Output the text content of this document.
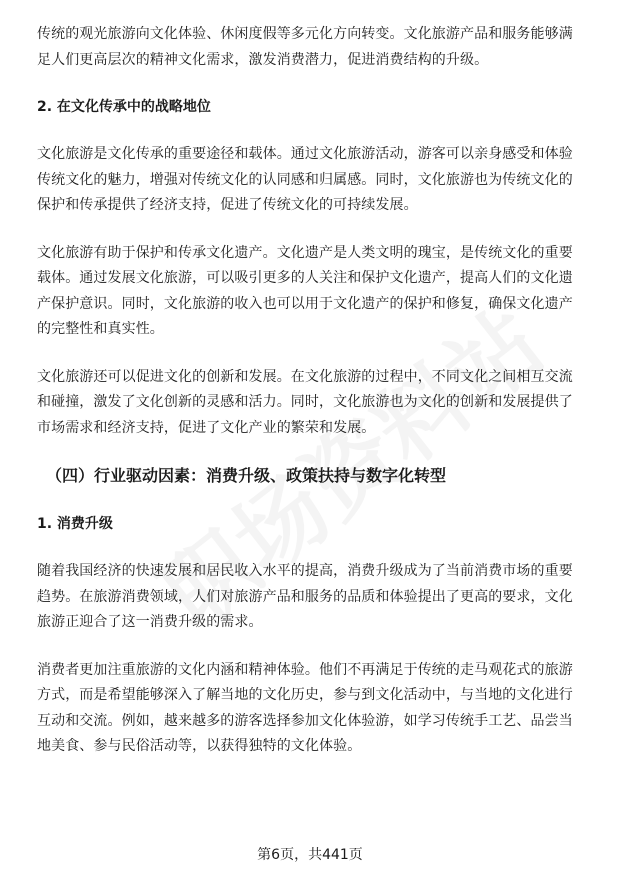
传统的观光旅游向文化体验、休闲度假等多元化方向转变。文化旅游产品和服务能够满足人们更高层次的精神文化需求，激发消费潜力，促进消费结构的升级。

2. 在文化传承中的战略地位

文化旅游是文化传承的重要途径和载体。通过文化旅游活动，游客可以亲身感受和体验传统文化的魅力，增强对传统文化的认同感和归属感。同时，文化旅游也为传统文化的保护和传承提供了经济支持，促进了传统文化的可持续发展。

文化旅游有助于保护和传承文化遗产。文化遗产是人类文明的瑰宝，是传统文化的重要载体。通过发展文化旅游，可以吸引更多的人关注和保护文化遗产，提高人们的文化遗产保护意识。同时，文化旅游的收入也可以用于文化遗产的保护和修复，确保文化遗产的完整性和真实性。

文化旅游还可以促进文化的创新和发展。在文化旅游的过程中，不同文化之间相互交流和碰撞，激发了文化创新的灵感和活力。同时，文化旅游也为文化的创新和发展提供了市场需求和经济支持，促进了文化产业的繁荣和发展。

（四）行业驱动因素：消费升级、政策扶持与数字化转型

1. 消费升级

随着我国经济的快速发展和居民收入水平的提高，消费升级成为了当前消费市场的重要趋势。在旅游消费领域，人们对旅游产品和服务的品质和体验提出了更高的要求，文化旅游正迎合了这一消费升级的需求。

消费者更加注重旅游的文化内涵和精神体验。他们不再满足于传统的走马观花式的旅游方式，而是希望能够深入了解当地的文化历史，参与到文化活动中，与当地的文化进行互动和交流。例如，越来越多的游客选择参加文化体验游，如学习传统手工艺、品尝当地美食、参与民俗活动等，以获得独特的文化体验。

第6页，共441页
